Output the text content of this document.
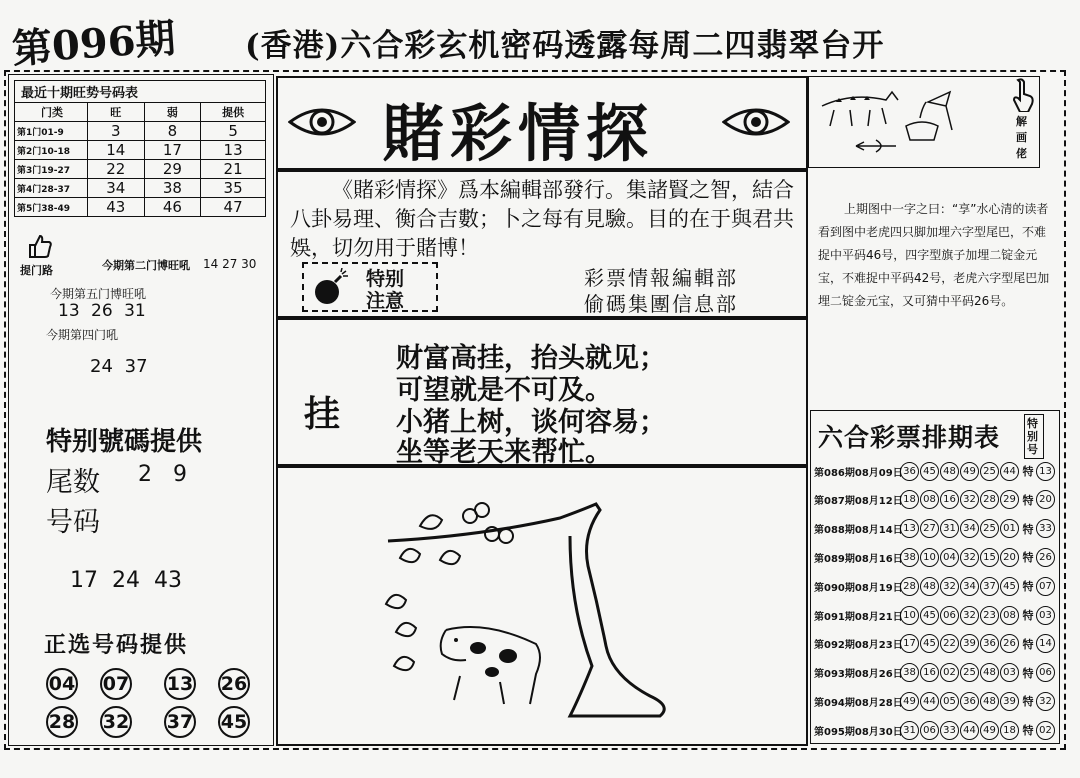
第096期 (香港)六合彩玄机密码透露每周二四翡翠台开
最近十期旺势号码表
门类	旺	弱	提供
第1门01-9	3	8	5
第2门10-18	14	17	13
第3门19-27	22	29	21
第4门28-37	34	38	35
第5门38-49	43	46	47
提门路	今期第二门博旺吼 14 27 30
今期第五门博旺吼
13 26 31
今期第四门吼
24 37
特别號碼提供
尾数 2   9
号码
17  24  43
正选号码提供
04 07 13 26
28 32 37 45
賭彩情探
《賭彩情探》爲本編輯部發行。集諸賢之智，結合八卦易理、衡合吉數；卜之每有見驗。目的在于與君共娛，切勿用于賭博！
特别
注意
彩票情報編輯部
偷碼集團信息部
挂
财富高挂，抬头就见；
可望就是不可及。
小猪上树，谈何容易；
坐等老天来帮忙。
解画佬
上期图中一字之曰：“享”水心清的读者看到图中老虎四只脚加埋六字型尾巴，不难捉中平码46号，四字型旗子加埋二锭金元宝，不难捉中平码42号，老虎六字型尾巴加埋二锭金元宝，又可猜中平码26号。
六合彩票排期表 特别号
第086期08月09日 36 45 48 49 25 44 特 13
第087期08月12日 18 08 16 32 28 29 特 20
第088期08月14日 13 27 31 34 25 01 特 33
第089期08月16日 38 10 04 32 15 20 特 26
第090期08月19日 28 48 32 34 37 45 特 07
第091期08月21日 10 45 06 32 23 08 特 03
第092期08月23日 17 45 22 39 36 26 特 14
第093期08月26日 38 16 02 25 48 03 特 06
第094期08月28日 49 44 05 36 48 39 特 32
第095期08月30日 31 06 33 44 49 18 特 02
